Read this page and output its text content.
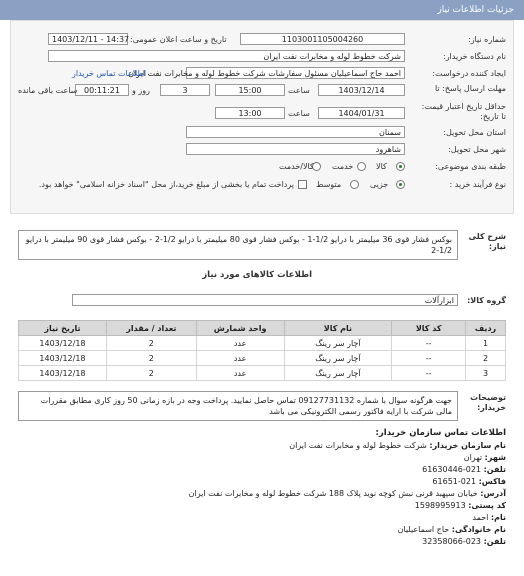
جزئیات اطلاعات نیاز
شماره نیاز:
1103001105004260
تاریخ و ساعت اعلان عمومی:
1403/12/11 - 14:37
نام دستگاه خریدار:
شرکت خطوط لوله و مخابرات نفت ایران
ایجاد کننده درخواست:
احمد حاج اسماعیلیان مسئول سفارشات شرکت خطوط لوله و مخابرات نفت ایران
اطلاعات تماس خریدار
مهلت ارسال پاسخ: تا
1403/12/14
ساعت
15:00
3
روز و
00:11:21
ساعت باقی مانده
حداقل تاریخ اعتبار قیمت: تا تاریخ:
1404/01/31
ساعت
13:00
استان محل تحویل:
سمنان
شهر محل تحویل:
شاهرود
طبقه بندی موضوعی:
کالا
خدمت
کالا/خدمت
نوع فرآیند خرید :
جزیی
متوسط
پرداخت تمام یا بخشی از مبلغ خرید،از محل "اسناد خزانه اسلامی" خواهد بود.
شرح کلی نیاز:
بوکس فشار قوی 36 میلیمتر با درایو 1/2-1 - بوکس فشار قوی 80 میلیمتر با درایو 1/2-2 - بوکس فشار قوی 90 میلیمتر با درایو 1/2-2
اطلاعات کالاهای مورد نیاز
گروه کالا:
ابزارآلات
ردیف	کد کالا	نام کالا	واحد شمارش	تعداد / مقدار	تاریخ نیاز
1	--	آچار سر رینگ	عدد	2	1403/12/18
2	--	آچار سر رینگ	عدد	2	1403/12/18
3	--	آچار سر رینگ	عدد	2	1403/12/18
توضیحات خریدار:
جهت هرگونه سوال با شماره 09127731132 تماس حاصل نمایید. پرداخت وجه در بازه زمانی 50 روز کاری مطابق مقررات مالی شرکت با ارایه فاکتور رسمی الکترونیکی می باشد
اطلاعات تماس سازمان خریدار:
نام سازمان خریدار: شرکت خطوط لوله و مخابرات نفت ایران
شهر: تهران
تلفن: 021-61630446
فاکس: 021-61651
آدرس: خیابان سپهبد قرنی نبش کوچه نوید پلاک 188 شرکت خطوط لوله و مخابرات نفت ایران
کد پستی: 1598995913
نام: احمد
نام خانوادگی: حاج اسماعیلیان
تلفن: 023-32358066
